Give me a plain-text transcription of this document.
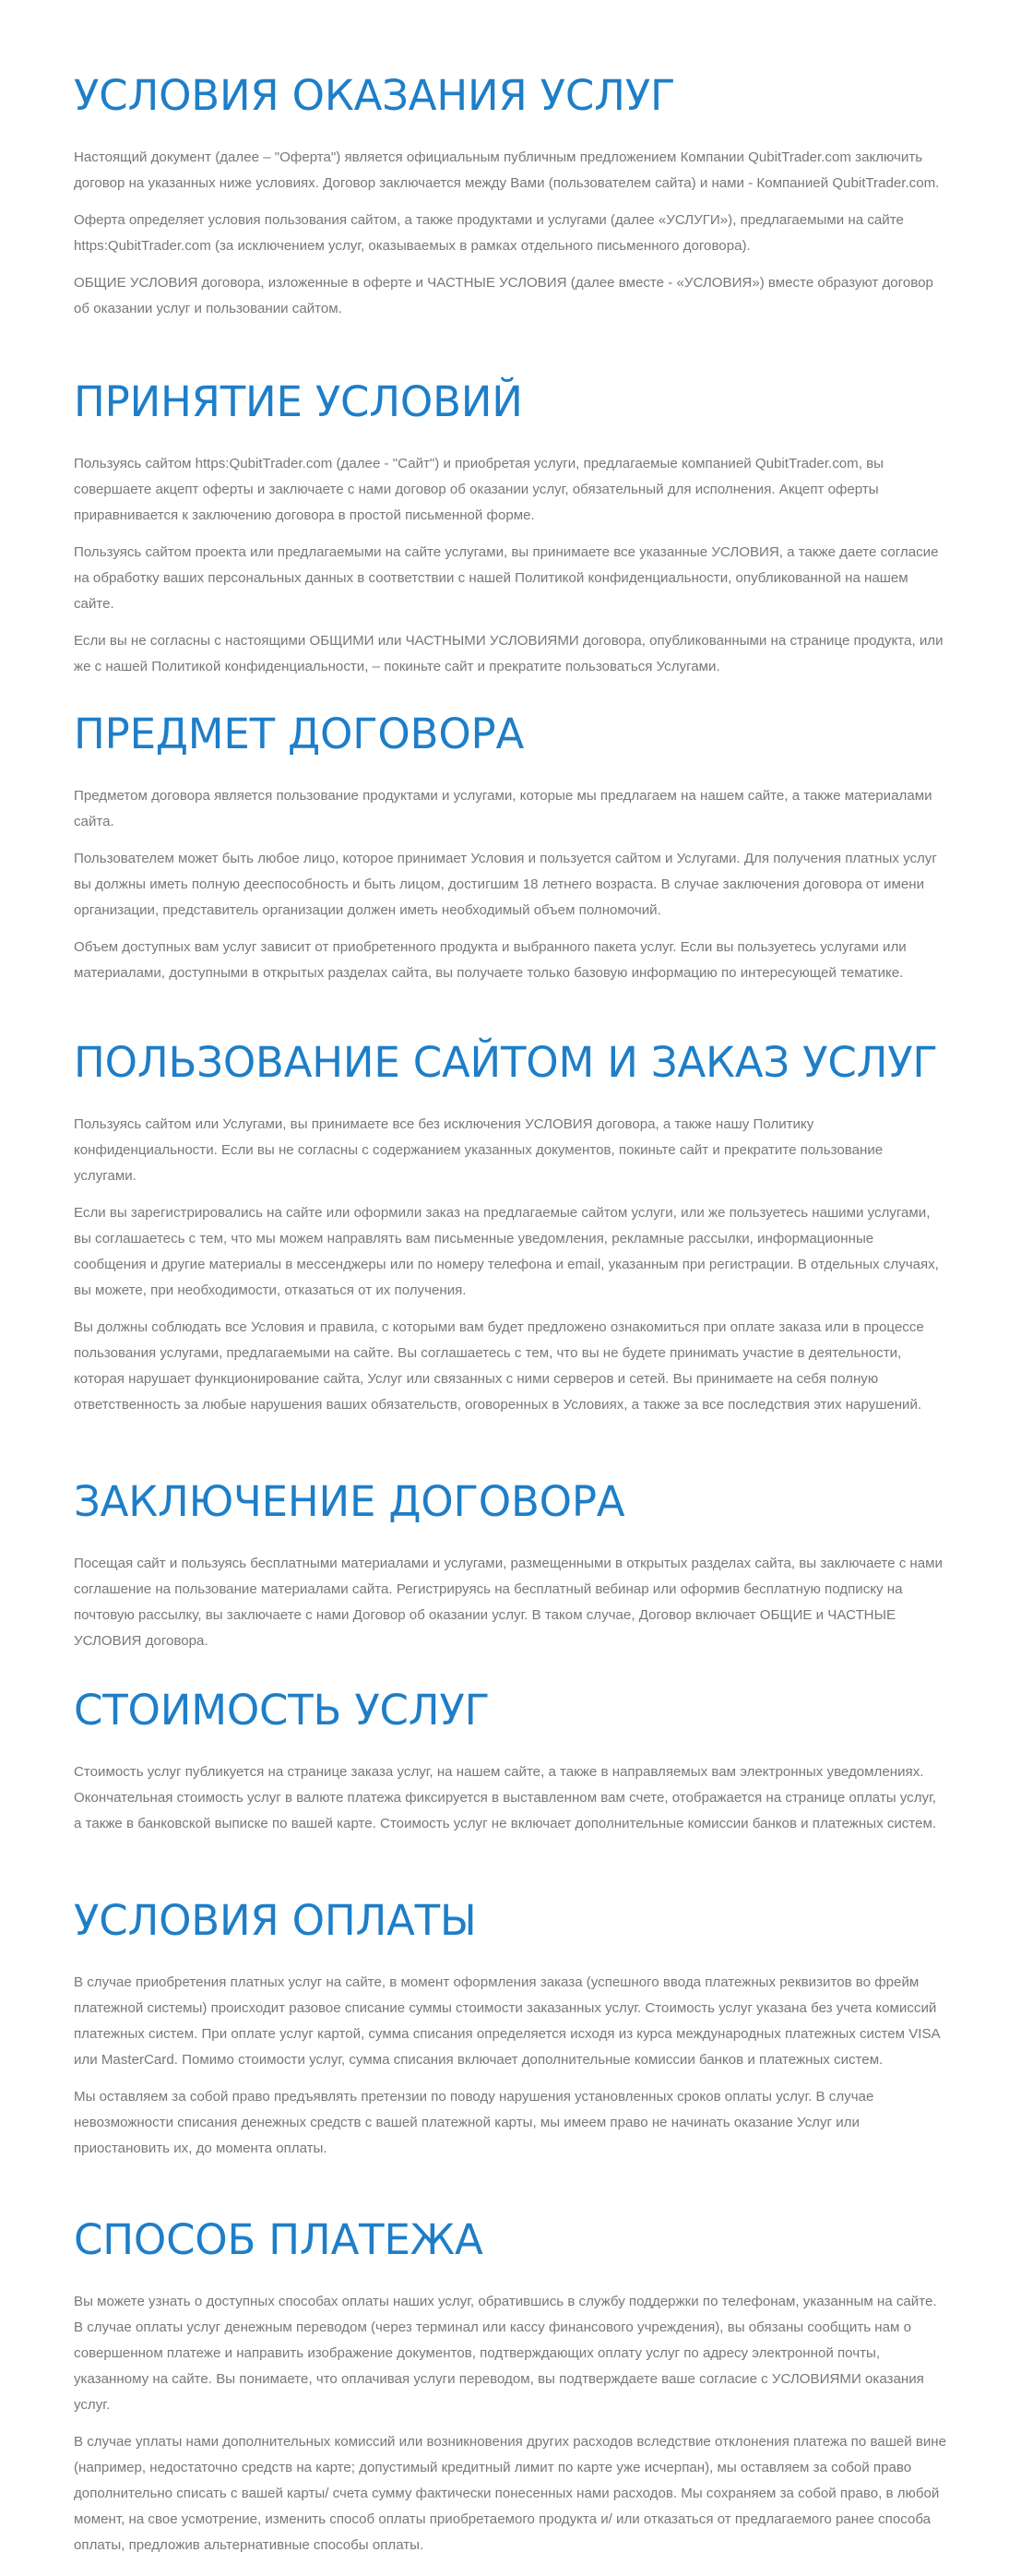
УСЛОВИЯ ОКАЗАНИЯ УСЛУГ

Настоящий документ (далее – "Оферта") является официальным публичным предложением Компании QubitTrader.com заключить договор на указанных ниже условиях. Договор заключается между Вами (пользователем сайта) и нами - Компанией QubitTrader.com.

Оферта определяет условия пользования сайтом, а также продуктами и услугами (далее «УСЛУГИ»), предлагаемыми на сайте https:QubitTrader.com (за исключением услуг, оказываемых в рамках отдельного письменного договора).

ОБЩИЕ УСЛОВИЯ договора, изложенные в оферте и ЧАСТНЫЕ УСЛОВИЯ (далее вместе - «УСЛОВИЯ») вместе образуют договор об оказании услуг и пользовании сайтом.

ПРИНЯТИЕ УСЛОВИЙ

Пользуясь сайтом https:QubitTrader.com (далее - "Сайт") и приобретая услуги, предлагаемые компанией QubitTrader.com, вы совершаете акцепт оферты и заключаете с нами договор об оказании услуг, обязательный для исполнения. Акцепт оферты приравнивается к заключению договора в простой письменной форме.

Пользуясь сайтом проекта или предлагаемыми на сайте услугами, вы принимаете все указанные УСЛОВИЯ, а также даете согласие на обработку ваших персональных данных в соответствии с нашей Политикой конфиденциальности, опубликованной на нашем сайте.

Если вы не согласны с настоящими ОБЩИМИ или ЧАСТНЫМИ УСЛОВИЯМИ договора, опубликованными на странице продукта, или же с нашей Политикой конфиденциальности, – покиньте сайт и прекратите пользоваться Услугами.

ПРЕДМЕТ ДОГОВОРА

Предметом договора является пользование продуктами и услугами, которые мы предлагаем на нашем сайте, а также материалами сайта.

Пользователем может быть любое лицо, которое принимает Условия и пользуется сайтом и Услугами. Для получения платных услуг вы должны иметь полную дееспособность и быть лицом, достигшим 18 летнего возраста. В случае заключения договора от имени организации, представитель организации должен иметь необходимый объем полномочий.

Объем доступных вам услуг зависит от приобретенного продукта и выбранного пакета услуг. Если вы пользуетесь услугами или материалами, доступными в открытых разделах сайта, вы получаете только базовую информацию по интересующей тематике.

ПОЛЬЗОВАНИЕ САЙТОМ И ЗАКАЗ УСЛУГ

Пользуясь сайтом или Услугами, вы принимаете все без исключения УСЛОВИЯ договора, а также нашу Политику конфиденциальности. Если вы не согласны с содержанием указанных документов, покиньте сайт и прекратите пользование услугами.

Если вы зарегистрировались на сайте или оформили заказ на предлагаемые сайтом услуги, или же пользуетесь нашими услугами, вы соглашаетесь с тем, что мы можем направлять вам письменные уведомления, рекламные рассылки, информационные сообщения и другие материалы в мессенджеры или по номеру телефона и email, указанным при регистрации. В отдельных случаях, вы можете, при необходимости, отказаться от их получения.

Вы должны соблюдать все Условия и правила, с которыми вам будет предложено ознакомиться при оплате заказа или в процессе пользования услугами, предлагаемыми на сайте. Вы соглашаетесь с тем, что вы не будете принимать участие в деятельности, которая нарушает функционирование сайта, Услуг или связанных с ними серверов и сетей. Вы принимаете на себя полную ответственность за любые нарушения ваших обязательств, оговоренных в Условиях, а также за все последствия этих нарушений.

ЗАКЛЮЧЕНИЕ ДОГОВОРА

Посещая сайт и пользуясь бесплатными материалами и услугами, размещенными в открытых разделах сайта, вы заключаете с нами соглашение на пользование материалами сайта. Регистрируясь на бесплатный вебинар или оформив бесплатную подписку на почтовую рассылку, вы заключаете с нами Договор об оказании услуг. В таком случае, Договор включает ОБЩИЕ и ЧАСТНЫЕ УСЛОВИЯ договора.

СТОИМОСТЬ УСЛУГ

Стоимость услуг публикуется на странице заказа услуг, на нашем сайте, а также в направляемых вам электронных уведомлениях. Окончательная стоимость услуг в валюте платежа фиксируется в выставленном вам счете, отображается на странице оплаты услуг, а также в банковской выписке по вашей карте. Стоимость услуг не включает дополнительные комиссии банков и платежных систем.

УСЛОВИЯ ОПЛАТЫ

В случае приобретения платных услуг на сайте, в момент оформления заказа (успешного ввода платежных реквизитов во фрейм платежной системы) происходит разовое списание суммы стоимости заказанных услуг. Стоимость услуг указана без учета комиссий платежных систем. При оплате услуг картой, сумма списания определяется исходя из курса международных платежных систем VISA или MasterCard. Помимо стоимости услуг, сумма списания включает дополнительные комиссии банков и платежных систем.

Мы оставляем за собой право предъявлять претензии по поводу нарушения установленных сроков оплаты услуг. В случае невозможности списания денежных средств с вашей платежной карты, мы имеем право не начинать оказание Услуг или приостановить их, до момента оплаты.

СПОСОБ ПЛАТЕЖА

Вы можете узнать о доступных способах оплаты наших услуг, обратившись в службу поддержки по телефонам, указанным на сайте. В случае оплаты услуг денежным переводом (через терминал или кассу финансового учреждения), вы обязаны сообщить нам о совершенном платеже и направить изображение документов, подтверждающих оплату услуг по адресу электронной почты, указанному на сайте. Вы понимаете, что оплачивая услуги переводом, вы подтверждаете ваше согласие с УСЛОВИЯМИ оказания услуг.

В случае уплаты нами дополнительных комиссий или возникновения других расходов вследствие отклонения платежа по вашей вине (например, недостаточно средств на карте; допустимый кредитный лимит по карте уже исчерпан), мы оставляем за собой право дополнительно списать с вашей карты/ счета сумму фактически понесенных нами расходов. Мы сохраняем за собой право, в любой момент, на свое усмотрение, изменить способ оплаты приобретаемого продукта и/ или отказаться от предлагаемого ранее способа оплаты, предложив альтернативные способы оплаты.
